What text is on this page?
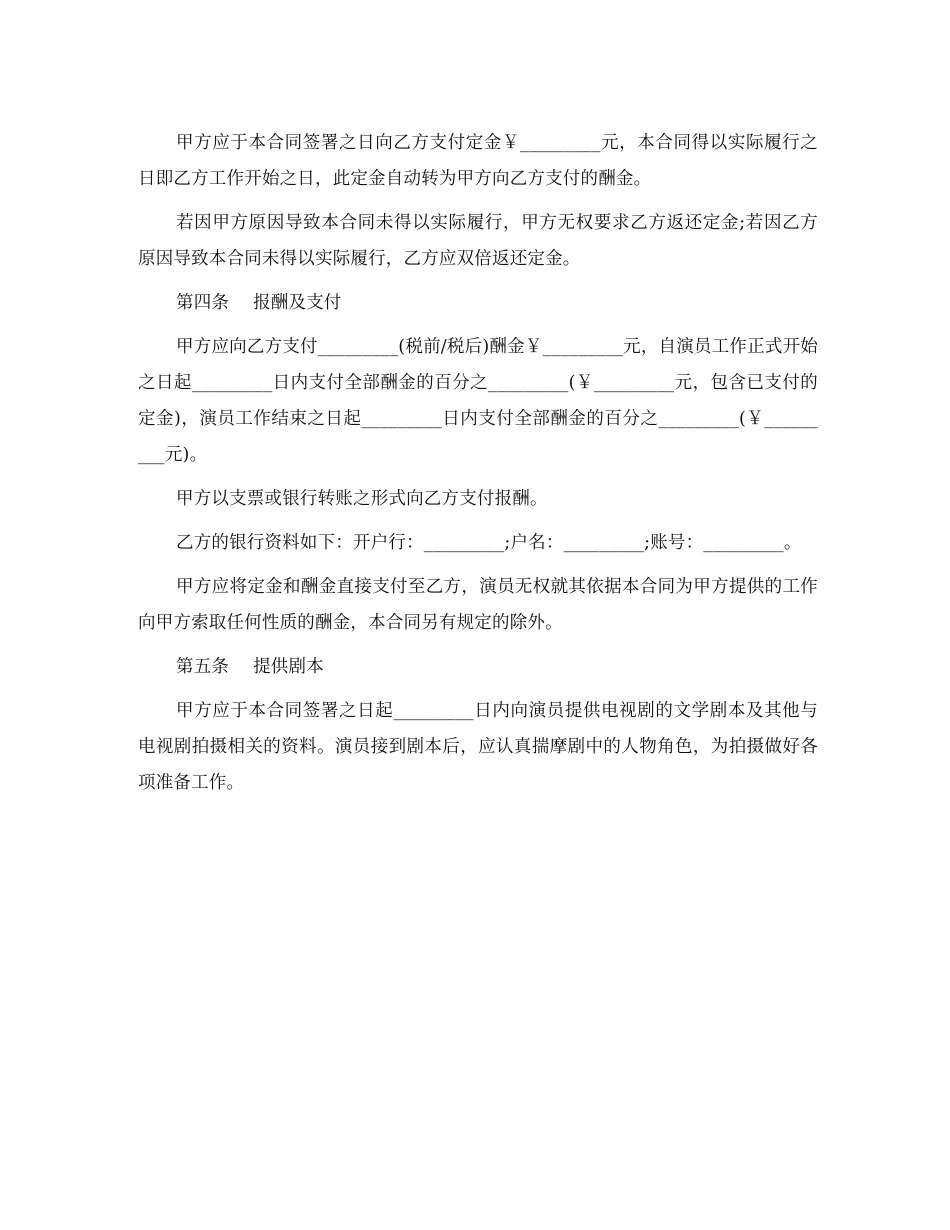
甲方应于本合同签署之日向乙方支付定金￥_________元，本合同得以实际履行之日即乙方工作开始之日，此定金自动转为甲方向乙方支付的酬金。

若因甲方原因导致本合同未得以实际履行，甲方无权要求乙方返还定金;若因乙方原因导致本合同未得以实际履行，乙方应双倍返还定金。

第四条 报酬及支付

甲方应向乙方支付_________(税前/税后)酬金￥_________元，自演员工作正式开始之日起_________日内支付全部酬金的百分之_________(￥_________元，包含已支付的定金)，演员工作结束之日起_________日内支付全部酬金的百分之_________(￥_________元)。

甲方以支票或银行转账之形式向乙方支付报酬。

乙方的银行资料如下：开户行：_________;户名：_________;账号：_________。

甲方应将定金和酬金直接支付至乙方，演员无权就其依据本合同为甲方提供的工作向甲方索取任何性质的酬金，本合同另有规定的除外。

第五条 提供剧本

甲方应于本合同签署之日起_________日内向演员提供电视剧的文学剧本及其他与电视剧拍摄相关的资料。演员接到剧本后，应认真揣摩剧中的人物角色，为拍摄做好各项准备工作。
